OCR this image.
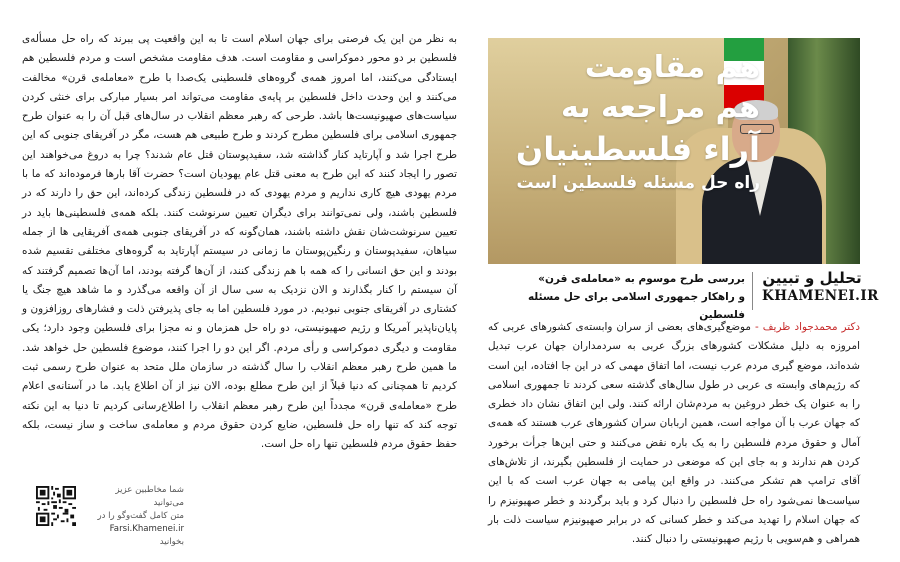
به نظر من این یک فرصتی برای جهان اسلام است تا به این واقعیت پی ببرند که راه حل مسأله‌ی فلسطین بر دو محور دموکراسی و مقاومت است. هدف مقاومت مشخص است و مردم فلسطین هم ایستادگی می‌کنند، اما امروز همه‌ی گروه‌های فلسطینی یک‌صدا با طرح «معامله‌ی قرن» مخالفت می‌کنند و این وحدت داخل فلسطین بر پایه‌ی مقاومت می‌تواند امر بسیار مبارکی برای خنثی کردن سیاست‌های صهیونیست‌ها باشد. طرحی که رهبر معظم انقلاب در سال‌های قبل آن را به عنوان طرح جمهوری اسلامی برای فلسطین مطرح کردند و طرح طبیعی هم هست، مگر در آفریقای جنوبی که این طرح اجرا شد و آپارتاید کنار گذاشته شد، سفیدپوستان قتل عام شدند؟ چرا به دروغ می‌خواهند این تصور را ایجاد کنند که این طرح به معنی قتل عام یهودیان است؟ حضرت آقا بارها فرموده‌اند که ما با مردم یهودی هیچ کاری نداریم و مردم یهودی که در فلسطین زندگی کرده‌اند، این حق را دارند که در فلسطین باشند، ولی نمی‌توانند برای دیگران تعیین سرنوشت کنند. بلکه همه‌ی فلسطینی‌ها باید در تعیین سرنوشت‌شان نقش داشته باشند، همان‌گونه که در آفریقای جنوبی همه‌ی آفریقایی ها از جمله سیاهان، سفیدپوستان و رنگین‌پوستان ما زمانی در سیستم آپارتاید به گروه‌های مختلفی تقسیم شده بودند و این حق انسانی را که همه با هم زندگی کنند، از آن‌ها گرفته بودند، اما آن‌ها تصمیم گرفتند که آن سیستم را کنار بگذارند و الان نزدیک به سی سال از آن واقعه می‌گذرد و ما شاهد هیچ جنگ یا کشتاری در آفریقای جنوبی نبودیم. در مورد فلسطین اما به جای پذیرفتن ذلت و فشارهای روزافزون و پایان‌ناپذیر آمریکا و رژیم صهیونیستی، دو راه حل همزمان و نه مجزا برای فلسطین وجود دارد؛ یکی مقاومت و دیگری دموکراسی و رأی مردم. اگر این دو را اجرا کنند، موضوع فلسطین حل خواهد شد. ما همین طرح رهبر معظم انقلاب را سال گذشته در سازمان ملل متحد به عنوان طرح رسمی ثبت کردیم تا همچنانی که دنیا قبلاً از این طرح مطلع بوده، الان نیز از آن اطلاع یابد. ما در آستانه‌ی اعلام طرح «معامله‌ی قرن» مجدداً این طرح رهبر معظم انقلاب را اطلاع‌رسانی کردیم تا دنیا به این نکته توجه کند که تنها راه حل فلسطین، ضایع کردن حقوق مردم و معامله‌ی ساخت و ساز نیست، بلکه حفظ حقوق مردم فلسطین تنها راه حل است.

شما مخاطبین عزیز می‌توانید
متن کامل گفت‌و‌گو را در
Farsi.Khamenei.ir بخوانید
هم مقاومت
هم مراجعه به
آراء فلسطینیان
راه حل مسئله فلسطین است
تحلیل و تبیین
KHAMENEI.IR
بررسی طرح موسوم به «معامله‌ی قرن»
و راهکار جمهوری اسلامی برای حل مسئله فلسطین

دکتر محمدجواد ظریف - موضع‌گیری‌های بعضی از سران وابسته‌ی کشورهای عربی که امروزه به دلیل مشکلات کشورهای بزرگ عربی به سردمداران جهان عرب تبدیل شده‌اند، موضع گیری مردم عرب نیست، اما اتفاق مهمی که در این جا افتاده، این است که رژیم‌های وابسته ی عربی در طول سال‌های گذشته سعی کردند تا جمهوری اسلامی را به عنوان یک خطر دروغین به مردم‌شان ارائه کنند. ولی این اتفاق نشان داد خطری که جهان عرب با آن مواجه است، همین اربابان سران کشورهای عرب هستند که همه‌ی آمال و حقوق مردم فلسطین را به یک باره نقض می‌کنند و حتی این‌ها جرأت برخورد کردن هم ندارند و به جای این که موضعی در حمایت از فلسطین بگیرند، از تلاش‌های آقای ترامپ هم تشکر می‌کنند. در واقع این پیامی به جهان عرب است که با این سیاست‌ها نمی‌شود راه حل فلسطین را دنبال کرد و باید برگردند و خطر صهیونیزم را که جهان اسلام را تهدید می‌کند و خطر کسانی که در برابر صهیونیزم سیاست ذلت بار همراهی و هم‌سویی با رژیم صهیونیستی را دنبال کنند.
